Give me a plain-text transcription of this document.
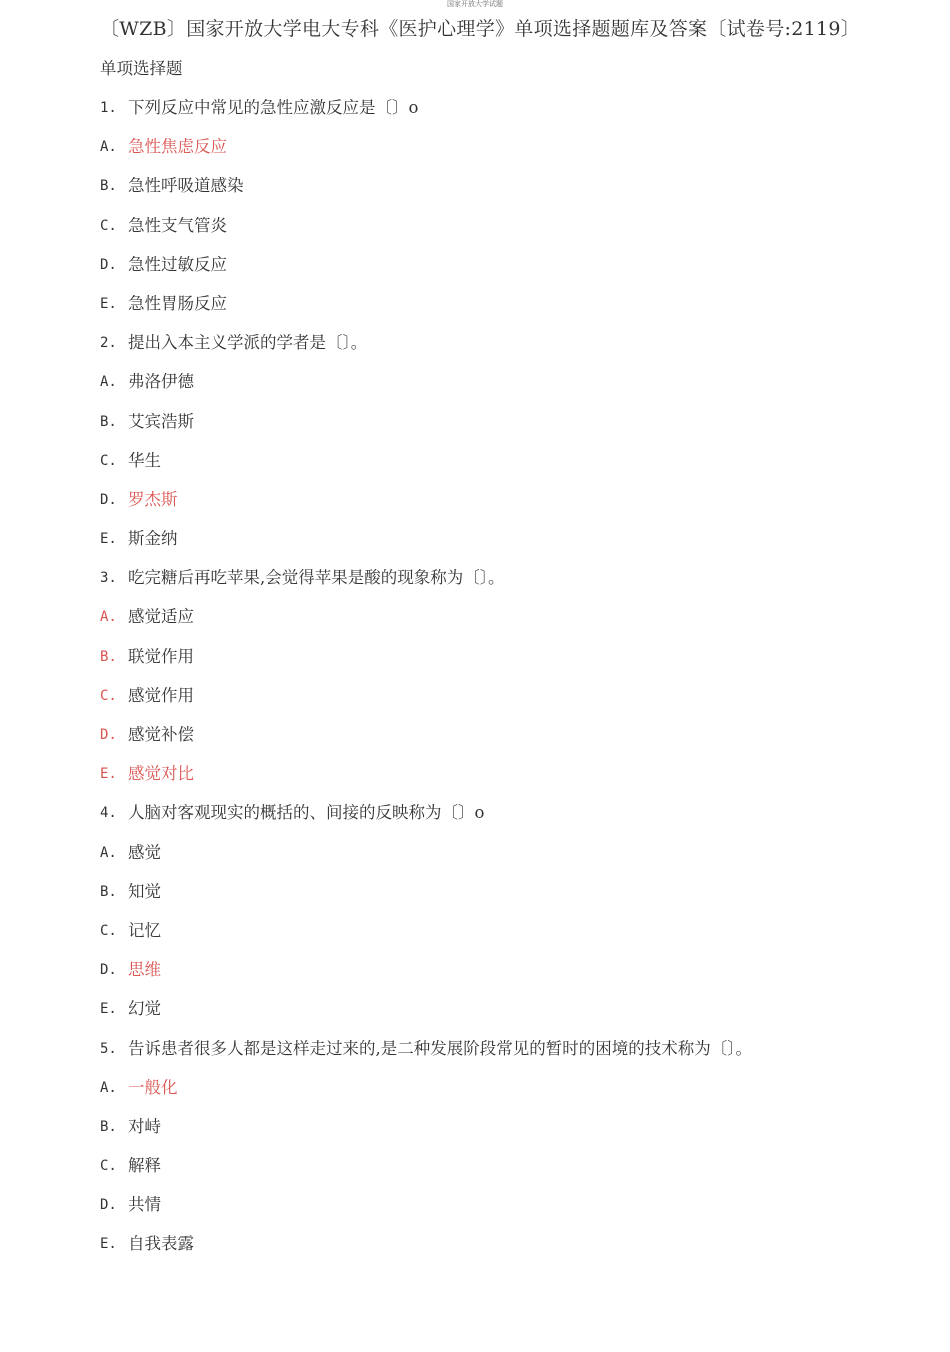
国家开放大学试题
〔WZB〕国家开放大学电大专科《医护心理学》单项选择题题库及答案〔试卷号:2119〕
单项选择题
1. 下列反应中常见的急性应激反应是〔〕o
A. 急性焦虑反应
B. 急性呼吸道感染
C. 急性支气管炎
D. 急性过敏反应
E. 急性胃肠反应
2. 提出入本主义学派的学者是〔〕。
A. 弗洛伊德
B. 艾宾浩斯
C. 华生
D. 罗杰斯
E. 斯金纳
3. 吃完糖后再吃苹果,会觉得苹果是酸的现象称为〔〕。
A. 感觉适应
B. 联觉作用
C. 感觉作用
D. 感觉补偿
E. 感觉对比
4. 人脑对客观现实的概括的、间接的反映称为〔〕o
A. 感觉
B. 知觉
C. 记忆
D. 思维
E. 幻觉
5. 告诉患者很多人都是这样走过来的,是二种发展阶段常见的暂时的困境的技术称为〔〕。
A. 一般化
B. 对峙
C. 解释
D. 共情
E. 自我表露
